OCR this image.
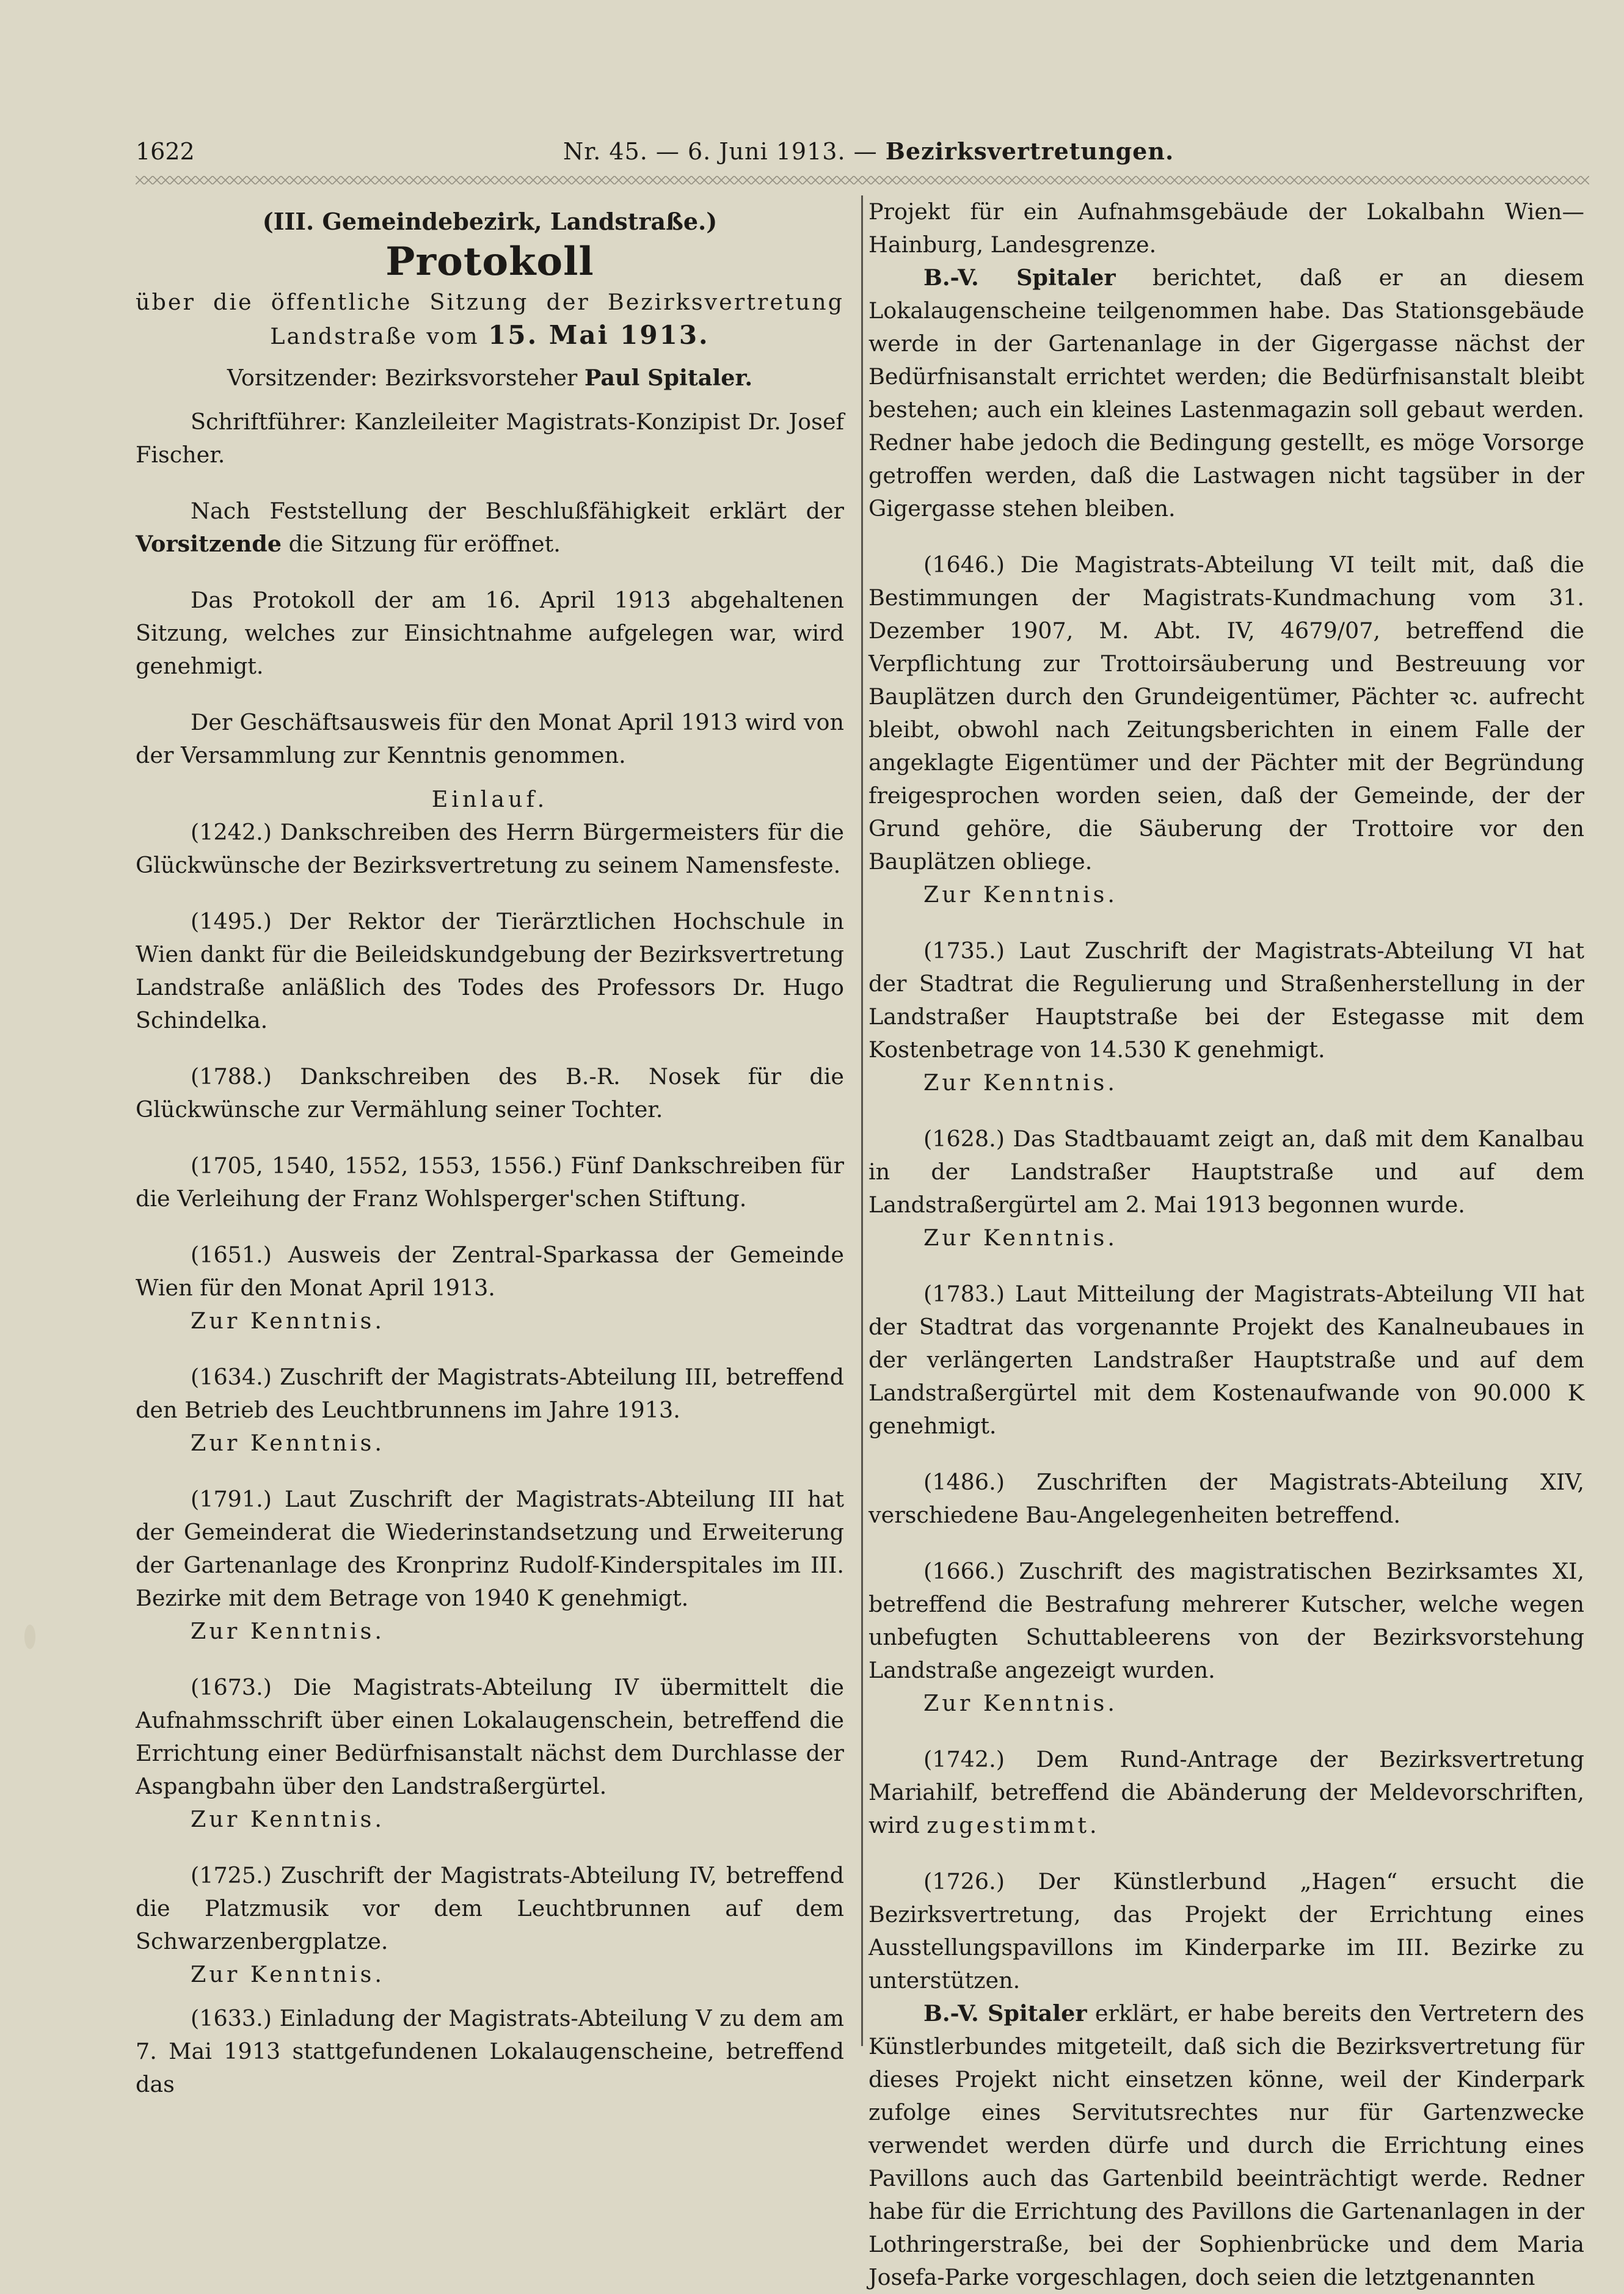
1622	Nr. 45. — 6. Juni 1913. — Bezirksvertretungen.

(III. Gemeindebezirk, Landstraße.)

Protokoll

über die öffentliche Sitzung der Bezirksvertretung

Landstraße vom 15. Mai 1913.

Vorsitzender: Bezirksvorsteher Paul Spitaler.

Schriftführer: Kanzleileiter Magistrats-Konzipist Dr. Josef Fischer.

Nach Feststellung der Beschlußfähigkeit erklärt der Vorsitzende die Sitzung für eröffnet.

Das Protokoll der am 16. April 1913 abgehaltenen Sitzung, welches zur Einsichtnahme aufgelegen war, wird genehmigt.

Der Geschäftsausweis für den Monat April 1913 wird von der Versammlung zur Kenntnis genommen.

Einlauf.

(1242.) Dankschreiben des Herrn Bürgermeisters für die Glückwünsche der Bezirksvertretung zu seinem Namensfeste.

(1495.) Der Rektor der Tierärztlichen Hochschule in Wien dankt für die Beileidskundgebung der Bezirksvertretung Landstraße anläßlich des Todes des Professors Dr. Hugo Schindelka.

(1788.) Dankschreiben des B.-R. Nosek für die Glückwünsche zur Vermählung seiner Tochter.

(1705, 1540, 1552, 1553, 1556.) Fünf Dankschreiben für die Verleihung der Franz Wohlsperger'schen Stiftung.

(1651.) Ausweis der Zentral-Sparkassa der Gemeinde Wien für den Monat April 1913.

Zur Kenntnis.

(1634.) Zuschrift der Magistrats-Abteilung III, betreffend den Betrieb des Leuchtbrunnens im Jahre 1913.

Zur Kenntnis.

(1791.) Laut Zuschrift der Magistrats-Abteilung III hat der Gemeinderat die Wiederinstandsetzung und Erweiterung der Gartenanlage des Kronprinz Rudolf-Kinderspitales im III. Bezirke mit dem Betrage von 1940 K genehmigt.

Zur Kenntnis.

(1673.) Die Magistrats-Abteilung IV übermittelt die Aufnahmsschrift über einen Lokalaugenschein, betreffend die Errichtung einer Bedürfnisanstalt nächst dem Durchlasse der Aspangbahn über den Landstraßergürtel.

Zur Kenntnis.

(1725.) Zuschrift der Magistrats-Abteilung IV, betreffend die Platzmusik vor dem Leuchtbrunnen auf dem Schwarzenbergplatze.

Zur Kenntnis.

(1633.) Einladung der Magistrats-Abteilung V zu dem am 7. Mai 1913 stattgefundenen Lokalaugenscheine, betreffend das

Projekt für ein Aufnahmsgebäude der Lokalbahn Wien—Hainburg, Landesgrenze.

B.-V. Spitaler berichtet, daß er an diesem Lokalaugenscheine teilgenommen habe. Das Stationsgebäude werde in der Gartenanlage in der Gigergasse nächst der Bedürfnisanstalt errichtet werden; die Bedürfnisanstalt bleibt bestehen; auch ein kleines Lastenmagazin soll gebaut werden. Redner habe jedoch die Bedingung gestellt, es möge Vorsorge getroffen werden, daß die Lastwagen nicht tagsüber in der Gigergasse stehen bleiben.

(1646.) Die Magistrats-Abteilung VI teilt mit, daß die Bestimmungen der Magistrats-Kundmachung vom 31. Dezember 1907, M. Abt. IV, 4679/07, betreffend die Verpflichtung zur Trottoirsäuberung und Bestreuung vor Bauplätzen durch den Grundeigentümer, Pächter ꝛc. aufrecht bleibt, obwohl nach Zeitungsberichten in einem Falle der angeklagte Eigentümer und der Pächter mit der Begründung freigesprochen worden seien, daß der Gemeinde, der der Grund gehöre, die Säuberung der Trottoire vor den Bauplätzen obliege.

Zur Kenntnis.

(1735.) Laut Zuschrift der Magistrats-Abteilung VI hat der Stadtrat die Regulierung und Straßenherstellung in der Landstraßer Hauptstraße bei der Estegasse mit dem Kostenbetrage von 14.530 K genehmigt.

Zur Kenntnis.

(1628.) Das Stadtbauamt zeigt an, daß mit dem Kanalbau in der Landstraßer Hauptstraße und auf dem Landstraßergürtel am 2. Mai 1913 begonnen wurde.

Zur Kenntnis.

(1783.) Laut Mitteilung der Magistrats-Abteilung VII hat der Stadtrat das vorgenannte Projekt des Kanalneubaues in der verlängerten Landstraßer Hauptstraße und auf dem Landstraßergürtel mit dem Kostenaufwande von 90.000 K genehmigt.

(1486.) Zuschriften der Magistrats-Abteilung XIV, verschiedene Bau-Angelegenheiten betreffend.

(1666.) Zuschrift des magistratischen Bezirksamtes XI, betreffend die Bestrafung mehrerer Kutscher, welche wegen unbefugten Schuttableerens von der Bezirksvorstehung Landstraße angezeigt wurden.

Zur Kenntnis.

(1742.) Dem Rund-Antrage der Bezirksvertretung Mariahilf, betreffend die Abänderung der Meldevorschriften, wird zugestimmt.

(1726.) Der Künstlerbund „Hagen“ ersucht die Bezirksvertretung, das Projekt der Errichtung eines Ausstellungspavillons im Kinderparke im III. Bezirke zu unterstützen.

B.-V. Spitaler erklärt, er habe bereits den Vertretern des Künstlerbundes mitgeteilt, daß sich die Bezirksvertretung für dieses Projekt nicht einsetzen könne, weil der Kinderpark zufolge eines Servitutsrechtes nur für Gartenzwecke verwendet werden dürfe und durch die Errichtung eines Pavillons auch das Gartenbild beeinträchtigt werde. Redner habe für die Errichtung des Pavillons die Gartenanlagen in der Lothringerstraße, bei der Sophienbrücke und dem Maria Josefa-Parke vorgeschlagen, doch seien die letztgenannten
